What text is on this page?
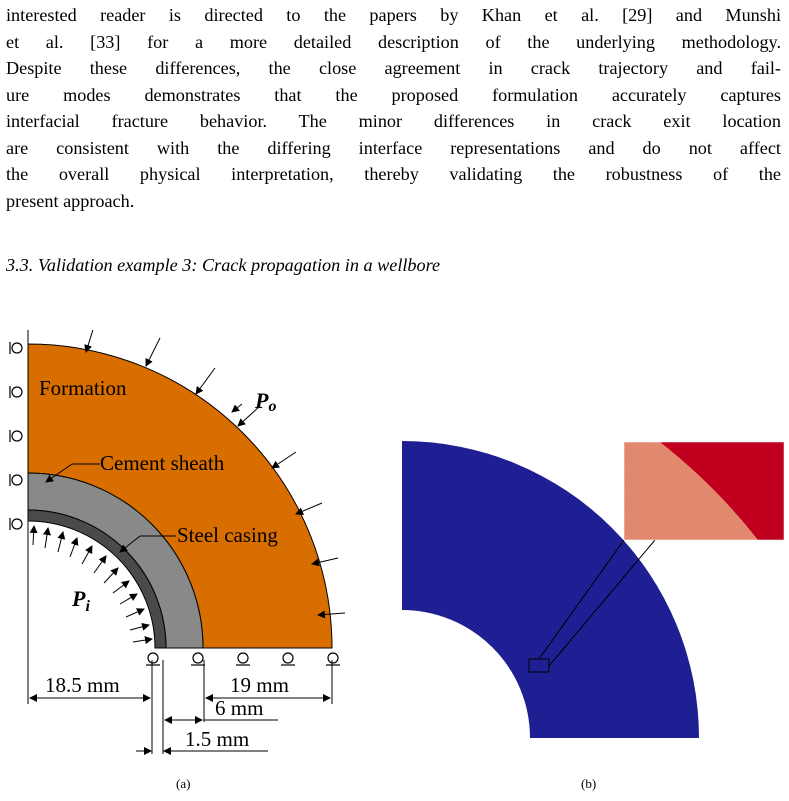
interested reader is directed to the papers by Khan et al. [29] and Munshi
et al. [33] for a more detailed description of the underlying methodology.
Despite these differences, the close agreement in crack trajectory and fail-
ure modes demonstrates that the proposed formulation accurately captures
interfacial fracture behavior. The minor differences in crack exit location
are consistent with the differing interface representations and do not affect
the overall physical interpretation, thereby validating the robustness of the
present approach.
3.3. Validation example 3: Crack propagation in a wellbore
Formation	Po
Cement sheath
Steel casing
$P_i$
18.5 mm	19 mm
6 mm
1.5 mm
(a)	(b)
